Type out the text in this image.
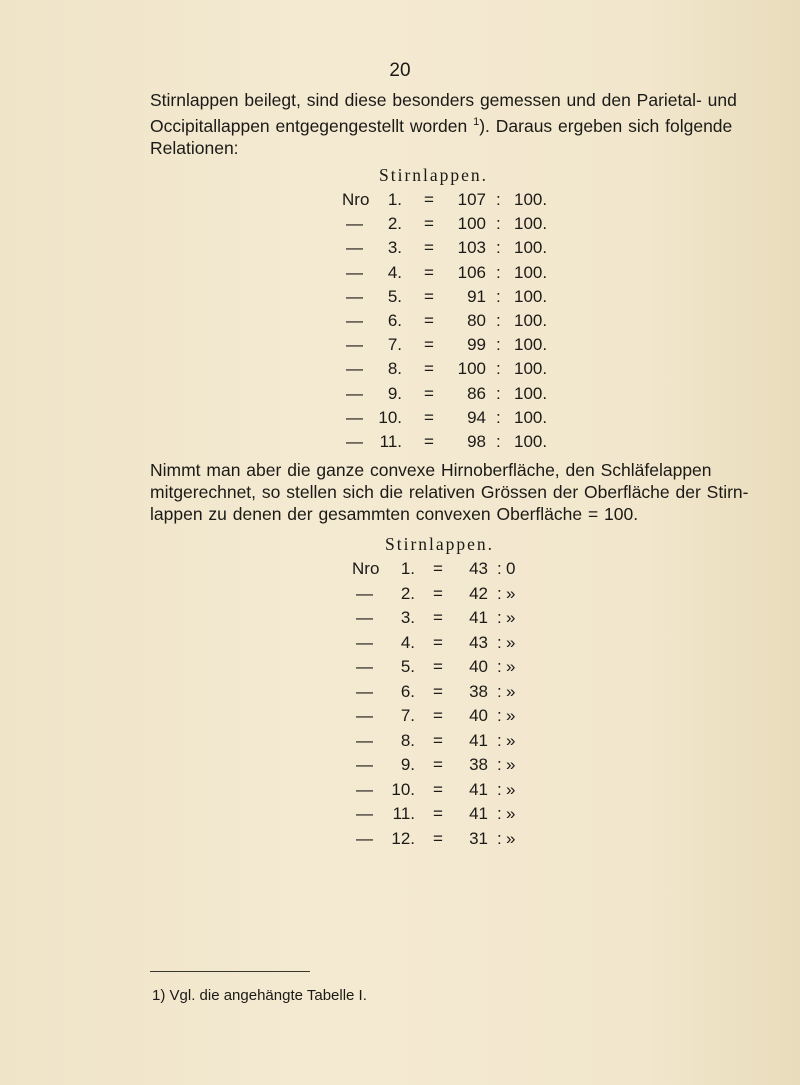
20
Stirnlappen beilegt, sind diese besonders gemessen und den Parietal- und
Occipitallappen entgegengestellt worden $^1$). Daraus ergeben sich folgende
Relationen:
Stirnlappen.
Nro 1. = 107 : 100.
— 2. = 100 : 100.
— 3. = 103 : 100.
— 4. = 106 : 100.
— 5. = 91 : 100.
— 6. = 80 : 100.
— 7. = 99 : 100.
— 8. = 100 : 100.
— 9. = 86 : 100.
— 10. = 94 : 100.
— 11. = 98 : 100.
Nimmt man aber die ganze convexe Hirnoberfläche, den Schläfelappen
mitgerechnet, so stellen sich die relativen Grössen der Oberfläche der Stirn-
lappen zu denen der gesammten convexen Oberfläche = 100.
Stirnlappen.
Nro 1. = 43 : 0
— 2. = 42 : »
— 3. = 41 : »
— 4. = 43 : »
— 5. = 40 : »
— 6. = 38 : »
— 7. = 40 : »
— 8. = 41 : »
— 9. = 38 : »
— 10. = 41 : »
— 11. = 41 : »
— 12. = 31 : »
1) Vgl. die angehängte Tabelle I.
